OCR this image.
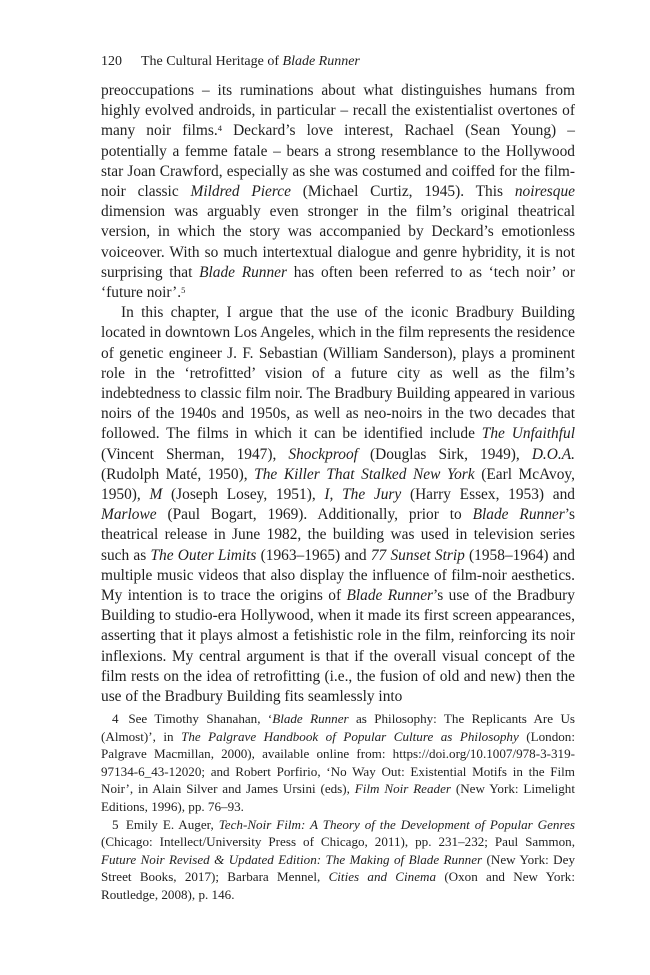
120 The Cultural Heritage of Blade Runner

preoccupations – its ruminations about what distinguishes humans from highly evolved androids, in particular – recall the existentialist overtones of many noir films.$^4$ Deckard’s love interest, Rachael (Sean Young) – potentially a femme fatale – bears a strong resemblance to the Hollywood star Joan Crawford, especially as she was costumed and coiffed for the film-noir classic Mildred Pierce (Michael Curtiz, 1945). This noiresque dimension was arguably even stronger in the film’s original theatrical version, in which the story was accompanied by Deckard’s emotionless voiceover. With so much intertextual dialogue and genre hybridity, it is not surprising that Blade Runner has often been referred to as ‘tech noir’ or ‘future noir’.$^5$

In this chapter, I argue that the use of the iconic Bradbury Building located in downtown Los Angeles, which in the film represents the residence of genetic engineer J. F. Sebastian (William Sanderson), plays a prominent role in the ‘retrofitted’ vision of a future city as well as the film’s indebtedness to classic film noir. The Bradbury Building appeared in various noirs of the 1940s and 1950s, as well as neo-noirs in the two decades that followed. The films in which it can be identified include The Unfaithful (Vincent Sherman, 1947), Shockproof (Douglas Sirk, 1949), D.O.A. (Rudolph Maté, 1950), The Killer That Stalked New York (Earl McAvoy, 1950), M (Joseph Losey, 1951), I, The Jury (Harry Essex, 1953) and Marlowe (Paul Bogart, 1969). Additionally, prior to Blade Runner’s theatrical release in June 1982, the building was used in television series such as The Outer Limits (1963–1965) and 77 Sunset Strip (1958–1964) and multiple music videos that also display the influence of film-noir aesthetics. My intention is to trace the origins of Blade Runner’s use of the Bradbury Building to studio-era Hollywood, when it made its first screen appearances, asserting that it plays almost a fetishistic role in the film, reinforcing its noir inflexions. My central argument is that if the overall visual concept of the film rests on the idea of retrofitting (i.e., the fusion of old and new) then the use of the Bradbury Building fits seamlessly into

4 See Timothy Shanahan, ‘Blade Runner as Philosophy: The Replicants Are Us (Almost)’, in The Palgrave Handbook of Popular Culture as Philosophy (London: Palgrave Macmillan, 2000), available online from: https://doi.org/10.1007/978-3-319-97134-6_43-12020; and Robert Porfirio, ‘No Way Out: Existential Motifs in the Film Noir’, in Alain Silver and James Ursini (eds), Film Noir Reader (New York: Limelight Editions, 1996), pp. 76–93.

5 Emily E. Auger, Tech-Noir Film: A Theory of the Development of Popular Genres (Chicago: Intellect/University Press of Chicago, 2011), pp. 231–232; Paul Sammon, Future Noir Revised & Updated Edition: The Making of Blade Runner (New York: Dey Street Books, 2017); Barbara Mennel, Cities and Cinema (Oxon and New York: Routledge, 2008), p. 146.
